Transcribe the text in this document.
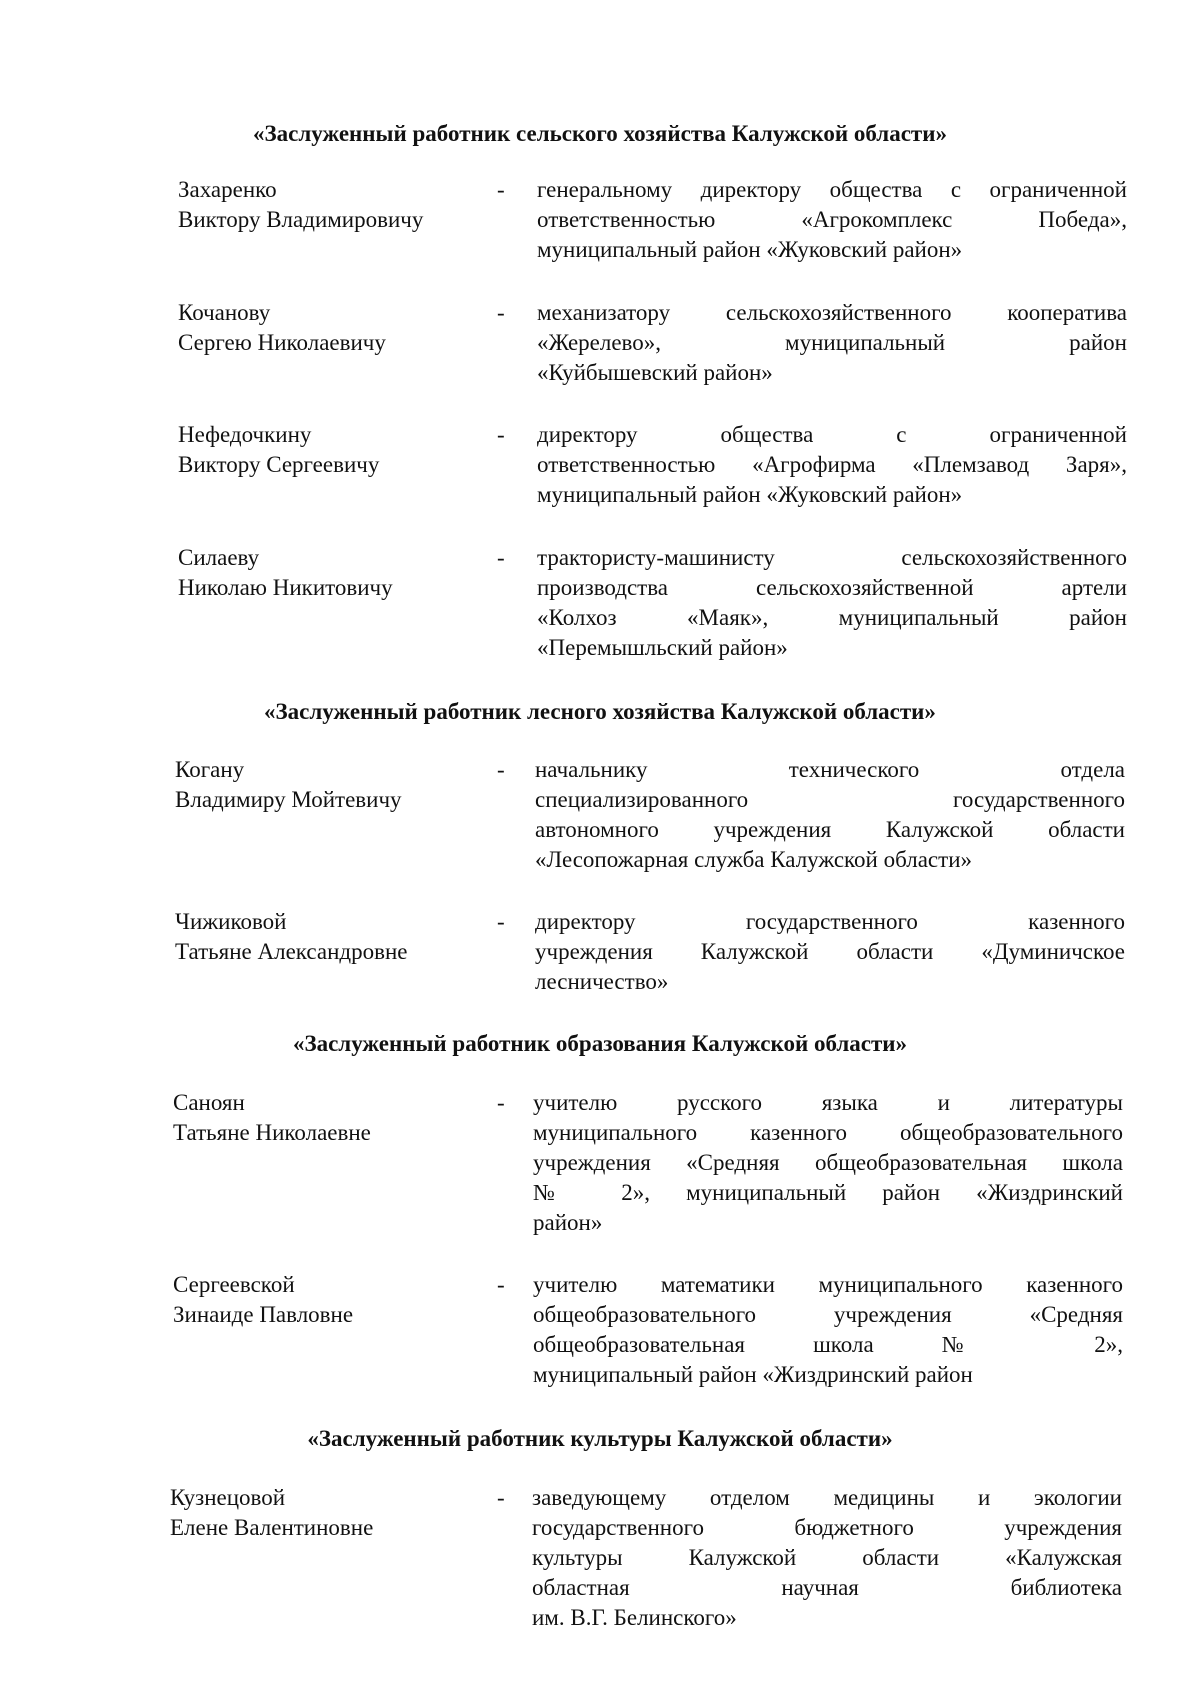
«Заслуженный работник сельского хозяйства Калужской области»
Захаренко
Виктору Владимировичу
- генеральному директору общества с ограниченной
ответственностью «Агрокомплекс Победа»,
муниципальный район «Жуковский район»
Кочанову
Сергею Николаевичу
- механизатору сельскохозяйственного кооператива
«Жерелево», муниципальный район
«Куйбышевский район»
Нефедочкину
Виктору Сергеевичу
- директору общества с ограниченной
ответственностью «Агрофирма «Племзавод Заря»,
муниципальный район «Жуковский район»
Силаеву
Николаю Никитовичу
- трактористу-машинисту сельскохозяйственного
производства сельскохозяйственной артели
«Колхоз «Маяк», муниципальный район
«Перемышльский район»
«Заслуженный работник лесного хозяйства Калужской области»
Когану
Владимиру Мойтевичу
- начальнику технического отдела
специализированного государственного
автономного учреждения Калужской области
«Лесопожарная служба Калужской области»
Чижиковой
Татьяне Александровне
- директору государственного казенного
учреждения Калужской области «Думиничское
лесничество»
«Заслуженный работник образования Калужской области»
Саноян
Татьяне Николаевне
- учителю русского языка и литературы
муниципального казенного общеобразовательного
учреждения «Средняя общеобразовательная школа
№ 2», муниципальный район «Жиздринский
район»
Сергеевской
Зинаиде Павловне
- учителю математики муниципального казенного
общеобразовательного учреждения «Средняя
общеобразовательная школа № 2»,
муниципальный район «Жиздринский район
«Заслуженный работник культуры Калужской области»
Кузнецовой
Елене Валентиновне
- заведующему отделом медицины и экологии
государственного бюджетного учреждения
культуры Калужской области «Калужская
областная научная библиотека
им. В.Г. Белинского»
